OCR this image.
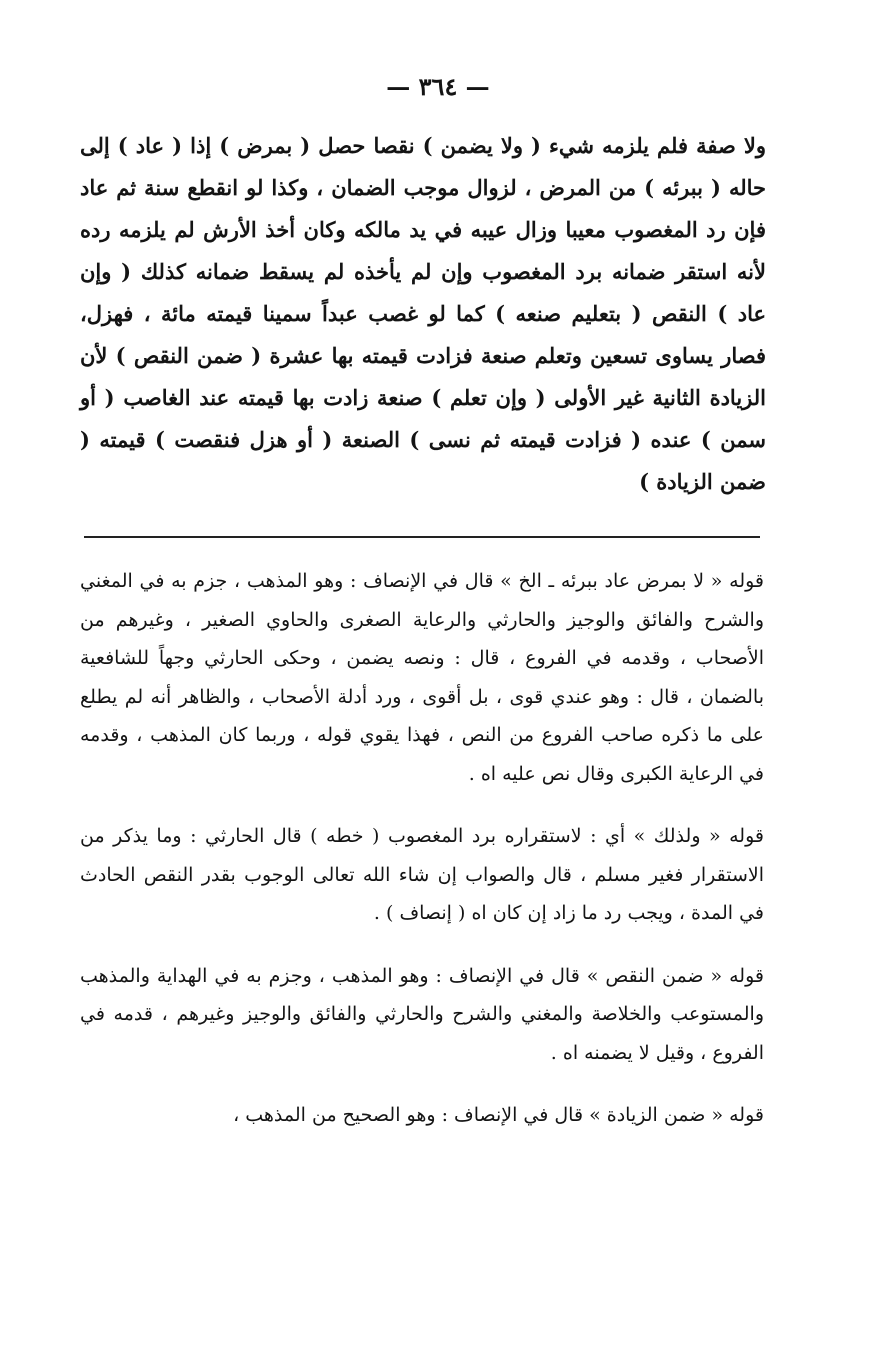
— ٣٦٤ —

ولا صفة فلم يلزمه شيء ( ولا يضمن ) نقصا حصل ( بمرض ) إذا ( عاد ) إلى حاله ( ببرئه ) من المرض ، لزوال موجب الضمان ، وكذا لو انقطع سنة ثم عاد فإن رد المغصوب معيبا وزال عيبه في يد مالكه وكان أخذ الأرش لم يلزمه رده لأنه استقر ضمانه برد المغصوب وإن لم يأخذه لم يسقط ضمانه كذلك ( وإن عاد ) النقص ( بتعليم صنعه ) كما لو غصب عبداً سمينا قيمته مائة ، فهزل، فصار يساوى تسعين وتعلم صنعة فزادت قيمته بها عشرة ( ضمن النقص ) لأن الزيادة الثانية غير الأولى ( وإن تعلم ) صنعة زادت بها قيمته عند الغاصب ( أو سمن ) عنده ( فزادت قيمته ثم نسى ) الصنعة ( أو هزل فنقصت ) قيمته ( ضمن الزيادة )

قوله « لا بمرض عاد ببرئه ـ الخ » قال في الإنصاف : وهو المذهب ، جزم به في المغني والشرح والفائق والوجيز والحارثي والرعاية الصغرى والحاوي الصغير ، وغيرهم من الأصحاب ، وقدمه في الفروع ، قال : ونصه يضمن ، وحكى الحارثي وجهاً للشافعية بالضمان ، قال : وهو عندي قوى ، بل أقوى ، ورد أدلة الأصحاب ، والظاهر أنه لم يطلع على ما ذكره صاحب الفروع من النص ، فهذا يقوي قوله ، وربما كان المذهب ، وقدمه في الرعاية الكبرى وقال نص عليه اه .

قوله « ولذلك » أي : لاستقراره برد المغصوب ( خطه ) قال الحارثي : وما يذكر من الاستقرار فغير مسلم ، قال والصواب إن شاء الله تعالى الوجوب بقدر النقص الحادث في المدة ، ويجب رد ما زاد إن كان اه ( إنصاف ) .

قوله « ضمن النقص » قال في الإنصاف : وهو المذهب ، وجزم به في الهداية والمذهب والمستوعب والخلاصة والمغني والشرح والحارثي والفائق والوجيز وغيرهم ، قدمه في الفروع ، وقيل لا يضمنه اه .

قوله « ضمن الزيادة » قال في الإنصاف : وهو الصحيح من المذهب ،
